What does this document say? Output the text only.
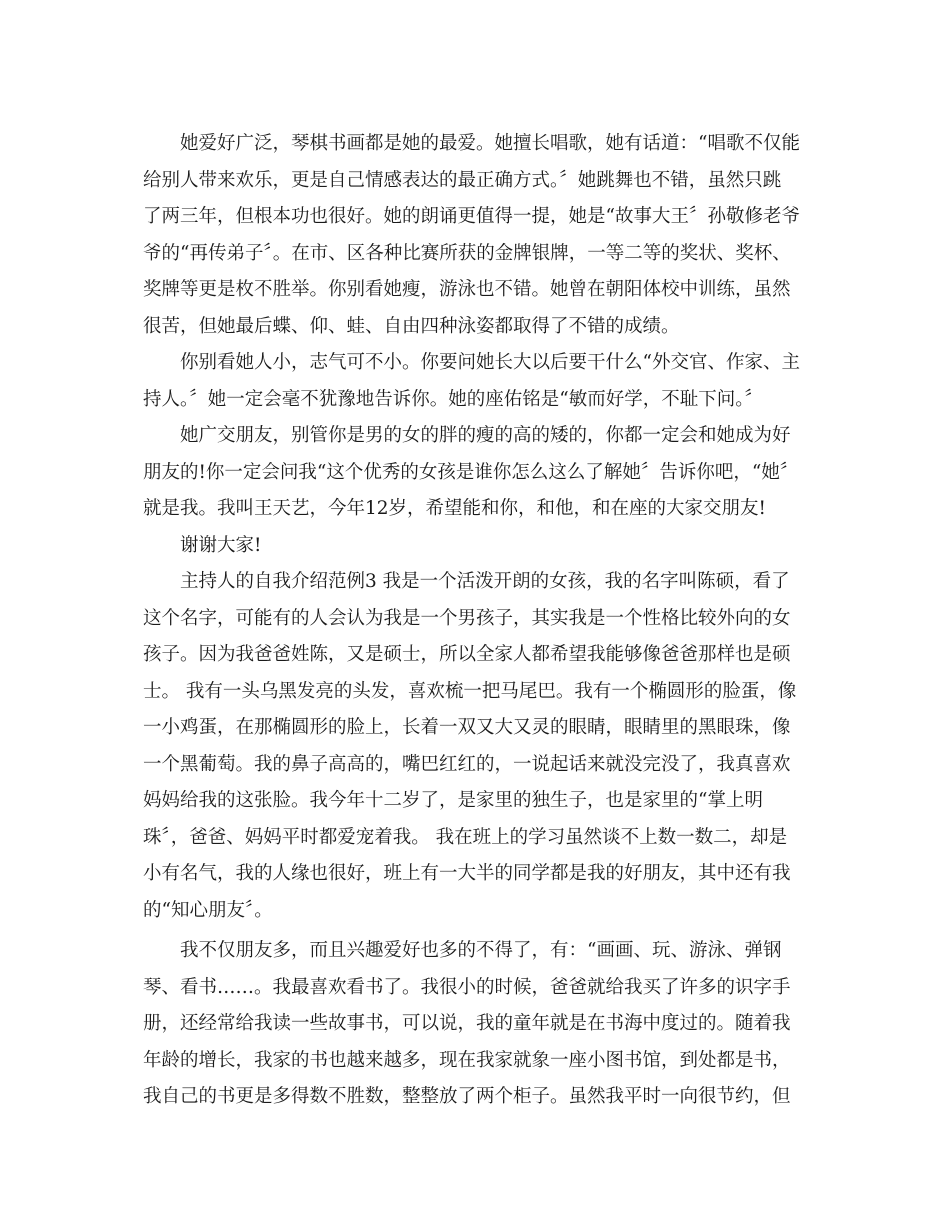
她爱好广泛，琴棋书画都是她的最爱。她擅长唱歌，她有话道：“唱歌不仅能
给别人带来欢乐，更是自己情感表达的最正确方式。〞她跳舞也不错，虽然只跳
了两三年，但根本功也很好。她的朗诵更值得一提，她是“故事大王〞孙敬修老爷
爷的“再传弟子〞。在市、区各种比赛所获的金牌银牌，一等二等的奖状、奖杯、
奖牌等更是枚不胜举。你别看她瘦，游泳也不错。她曾在朝阳体校中训练，虽然
很苦，但她最后蝶、仰、蛙、自由四种泳姿都取得了不错的成绩。
你别看她人小，志气可不小。你要问她长大以后要干什么“外交官、作家、主
持人。〞她一定会毫不犹豫地告诉你。她的座佑铭是“敏而好学，不耻下问。〞
她广交朋友，别管你是男的女的胖的瘦的高的矮的，你都一定会和她成为好
朋友的!你一定会问我“这个优秀的女孩是谁你怎么这么了解她〞告诉你吧，“她〞
就是我。我叫王天艺，今年12岁，希望能和你，和他，和在座的大家交朋友!
谢谢大家!
主持人的自我介绍范例3 我是一个活泼开朗的女孩，我的名字叫陈硕，看了
这个名字，可能有的人会认为我是一个男孩子，其实我是一个性格比较外向的女
孩子。因为我爸爸姓陈，又是硕士，所以全家人都希望我能够像爸爸那样也是硕
士。 我有一头乌黑发亮的头发，喜欢梳一把马尾巴。我有一个椭圆形的脸蛋，像
一小鸡蛋，在那椭圆形的脸上，长着一双又大又灵的眼睛，眼睛里的黑眼珠，像
一个黑葡萄。我的鼻子高高的，嘴巴红红的，一说起话来就没完没了，我真喜欢
妈妈给我的这张脸。我今年十二岁了，是家里的独生子，也是家里的“掌上明
珠〞，爸爸、妈妈平时都爱宠着我。 我在班上的学习虽然谈不上数一数二，却是
小有名气，我的人缘也很好，班上有一大半的同学都是我的好朋友，其中还有我
的“知心朋友〞。
我不仅朋友多，而且兴趣爱好也多的不得了，有：“画画、玩、游泳、弹钢
琴、看书……。我最喜欢看书了。我很小的时候，爸爸就给我买了许多的识字手
册，还经常给我读一些故事书，可以说，我的童年就是在书海中度过的。随着我
年龄的增长，我家的书也越来越多，现在我家就象一座小图书馆，到处都是书，
我自己的书更是多得数不胜数，整整放了两个柜子。虽然我平时一向很节约，但
